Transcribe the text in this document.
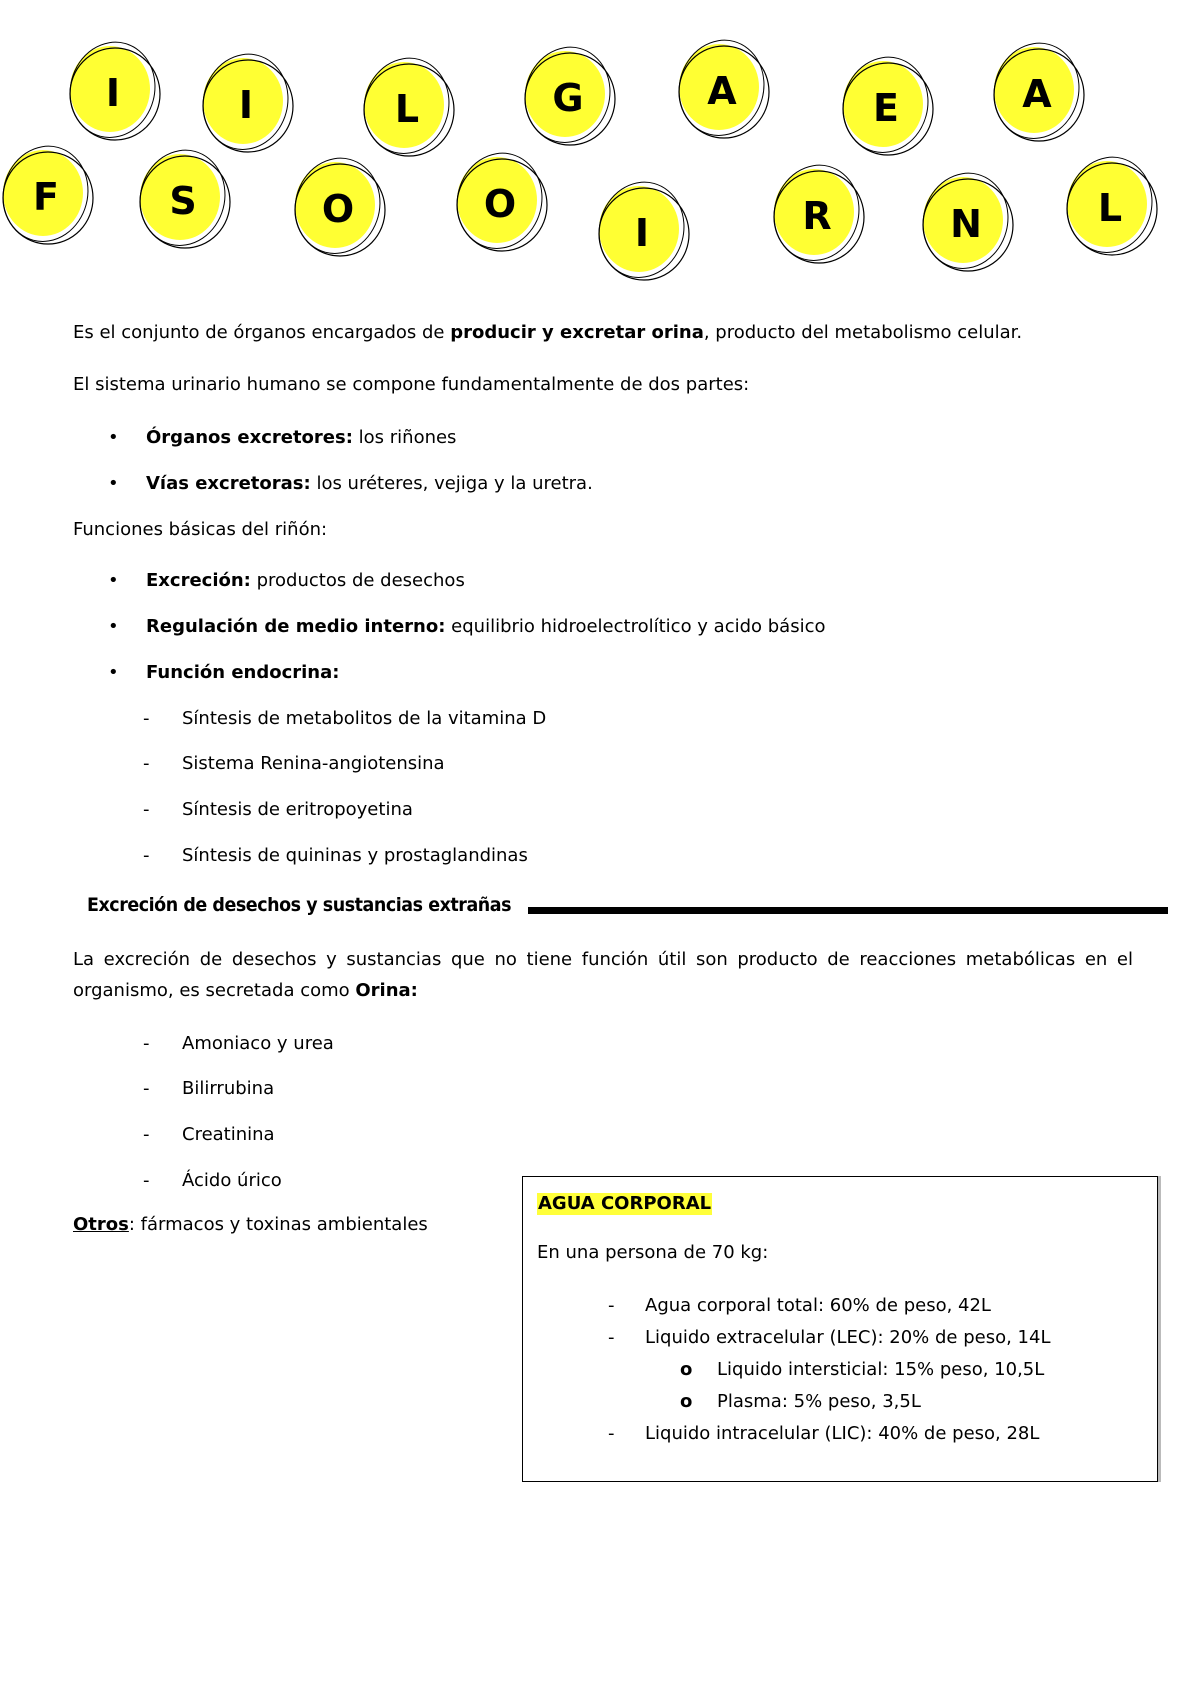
F
I
S
I
O
L
O
G
I
A
R
E
N
A
L
Es el conjunto de órganos encargados de producir y excretar orina, producto del metabolismo celular.
El sistema urinario humano se compone fundamentalmente de dos partes:
• Órganos excretores: los riñones
• Vías excretoras: los uréteres, vejiga y la uretra.
Funciones básicas del riñón:
• Excreción: productos de desechos
• Regulación de medio interno: equilibrio hidroelectrolítico y acido básico
• Función endocrina:
- Síntesis de metabolitos de la vitamina D
- Sistema Renina-angiotensina
- Síntesis de eritropoyetina
- Síntesis de quininas y prostaglandinas
Excreción de desechos y sustancias extrañas
La excreción de desechos y sustancias que no tiene función útil son producto de reacciones metabólicas en el organismo, es secretada como Orina:
- Amoniaco y urea
- Bilirrubina
- Creatinina
- Ácido úrico
Otros: fármacos y toxinas ambientales
AGUA CORPORAL
En una persona de 70 kg:
- Agua corporal total: 60% de peso, 42L
- Liquido extracelular (LEC): 20% de peso, 14L
o Liquido intersticial: 15% peso, 10,5L
o Plasma: 5% peso, 3,5L
- Liquido intracelular (LIC): 40% de peso, 28L
